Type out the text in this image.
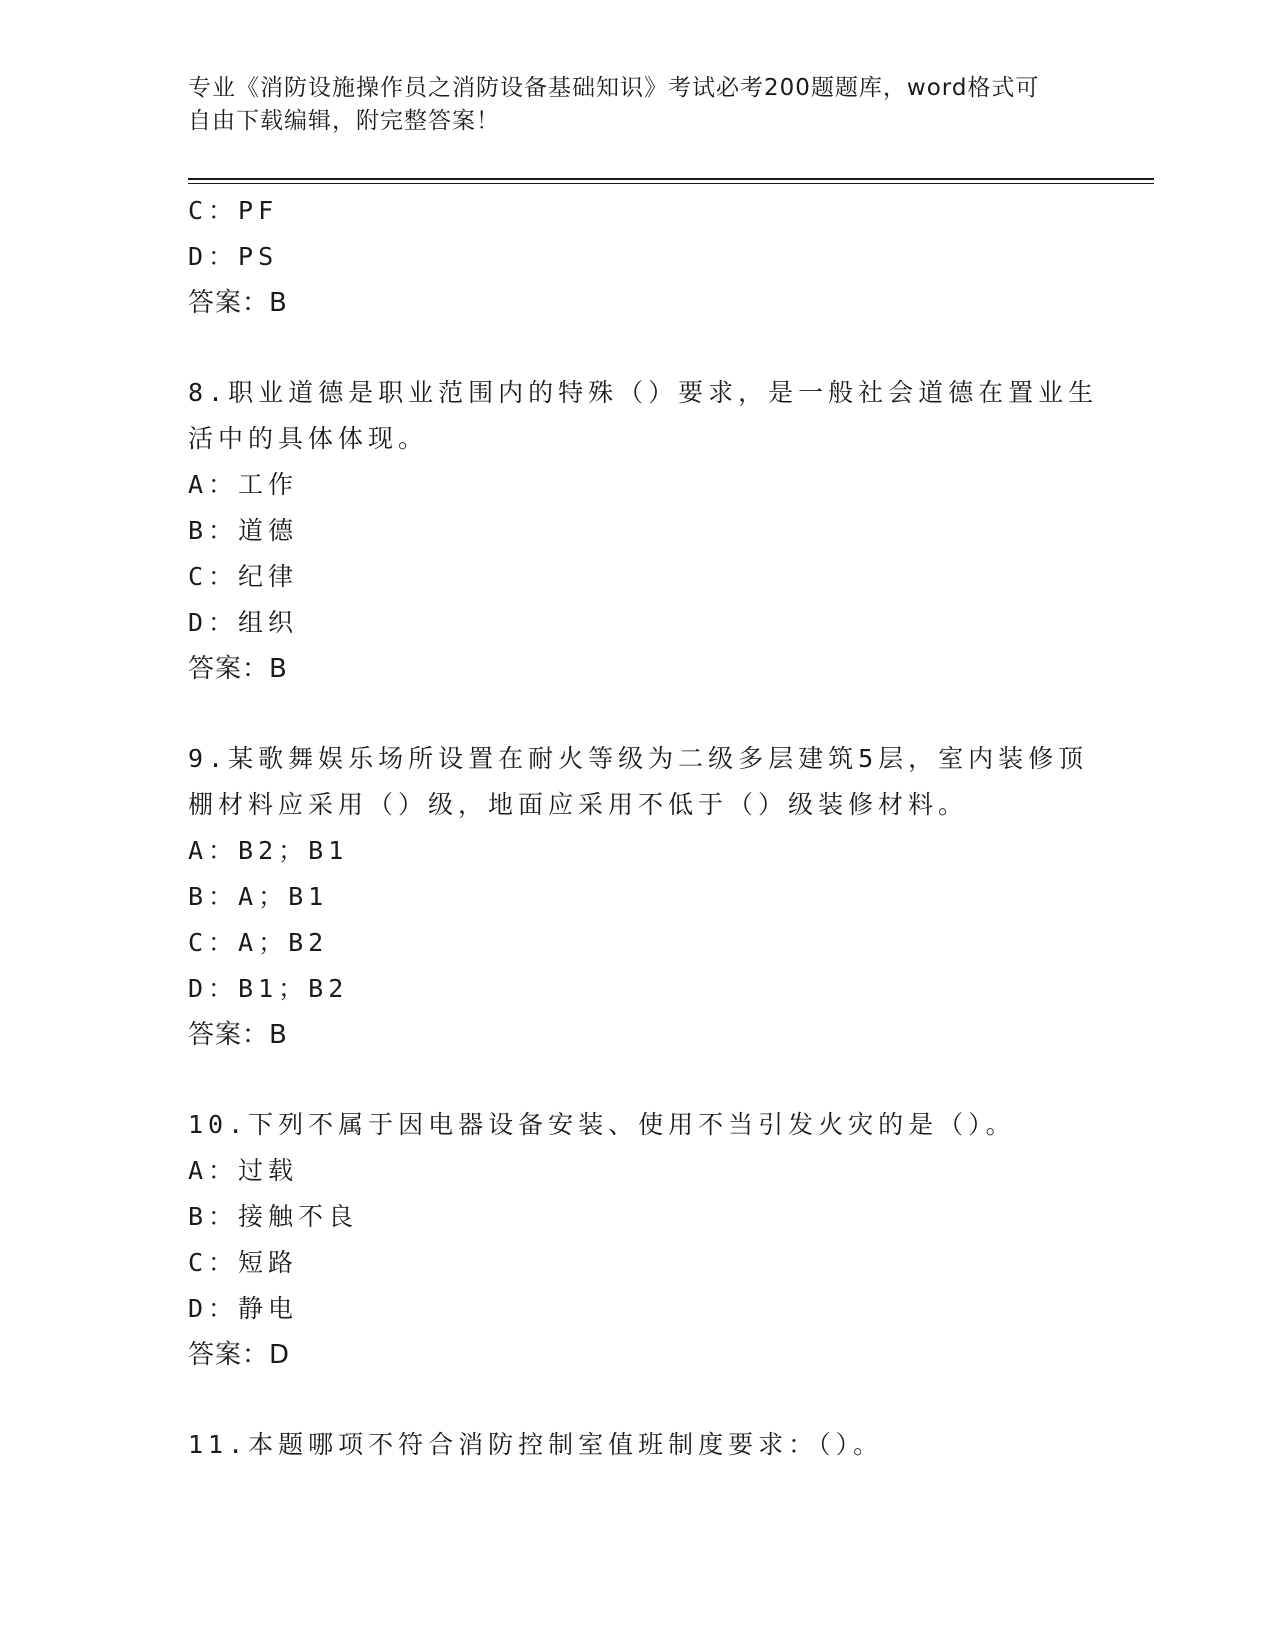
专业《消防设施操作员之消防设备基础知识》考试必考200题题库，word格式可
自由下载编辑，附完整答案！
C：PF
D：PS
答案：B
8.职业道德是职业范围内的特殊（）要求，是一般社会道德在置业生
活中的具体体现。
A：工作
B：道德
C：纪律
D：组织
答案：B
9.某歌舞娱乐场所设置在耐火等级为二级多层建筑5层，室内装修顶
棚材料应采用（）级，地面应采用不低于（）级装修材料。
A：B2；B1
B：A；B1
C：A；B2
D：B1；B2
答案：B
10.下列不属于因电器设备安装、使用不当引发火灾的是（）。
A：过载
B：接触不良
C：短路
D：静电
答案：D
11.本题哪项不符合消防控制室值班制度要求：（）。
